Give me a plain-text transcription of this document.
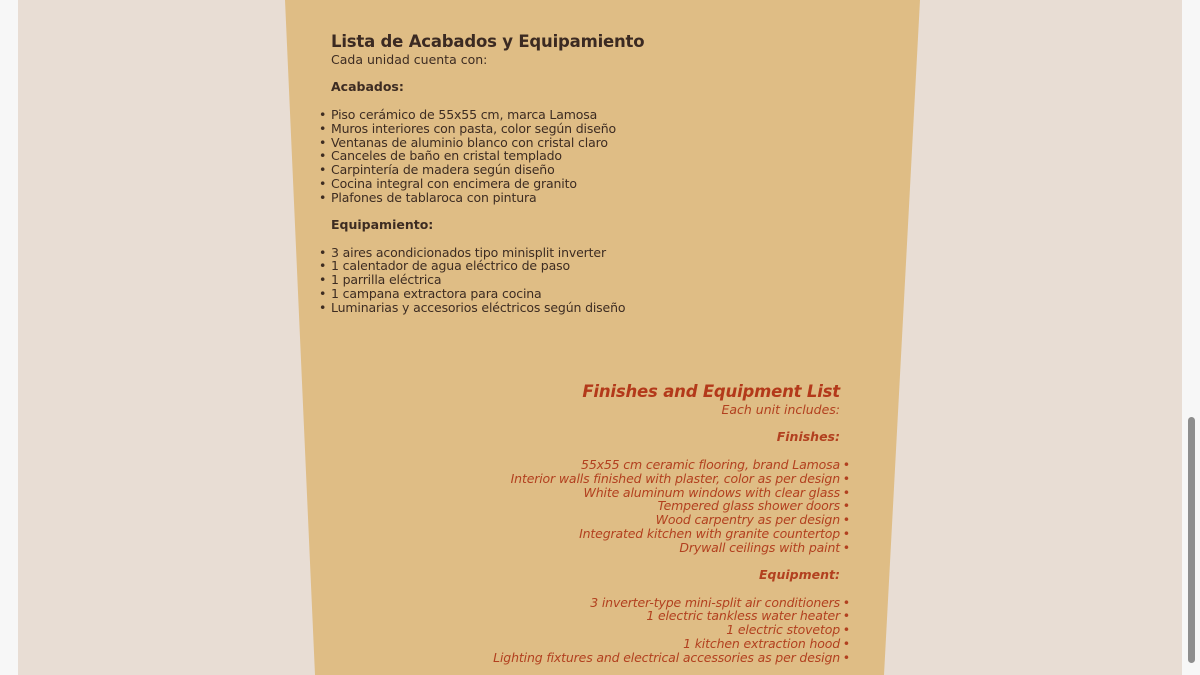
Lista de Acabados y Equipamiento

Cada unidad cuenta con:

Acabados:

• Piso cerámico de 55x55 cm, marca Lamosa
• Muros interiores con pasta, color según diseño
• Ventanas de aluminio blanco con cristal claro
• Canceles de baño en cristal templado
• Carpintería de madera según diseño
• Cocina integral con encimera de granito
• Plafones de tablaroca con pintura

Equipamiento:

• 3 aires acondicionados tipo minisplit inverter
• 1 calentador de agua eléctrico de paso
• 1 parrilla eléctrica
• 1 campana extractora para cocina
• Luminarias y accesorios eléctricos según diseño
Finishes and Equipment List

Each unit includes:

Finishes:

55x55 cm ceramic flooring, brand Lamosa •
Interior walls finished with plaster, color as per design •
White aluminum windows with clear glass •
Tempered glass shower doors •
Wood carpentry as per design •
Integrated kitchen with granite countertop •
Drywall ceilings with paint •

Equipment:

3 inverter-type mini-split air conditioners •
1 electric tankless water heater •
1 electric stovetop •
1 kitchen extraction hood •
Lighting fixtures and electrical accessories as per design •
